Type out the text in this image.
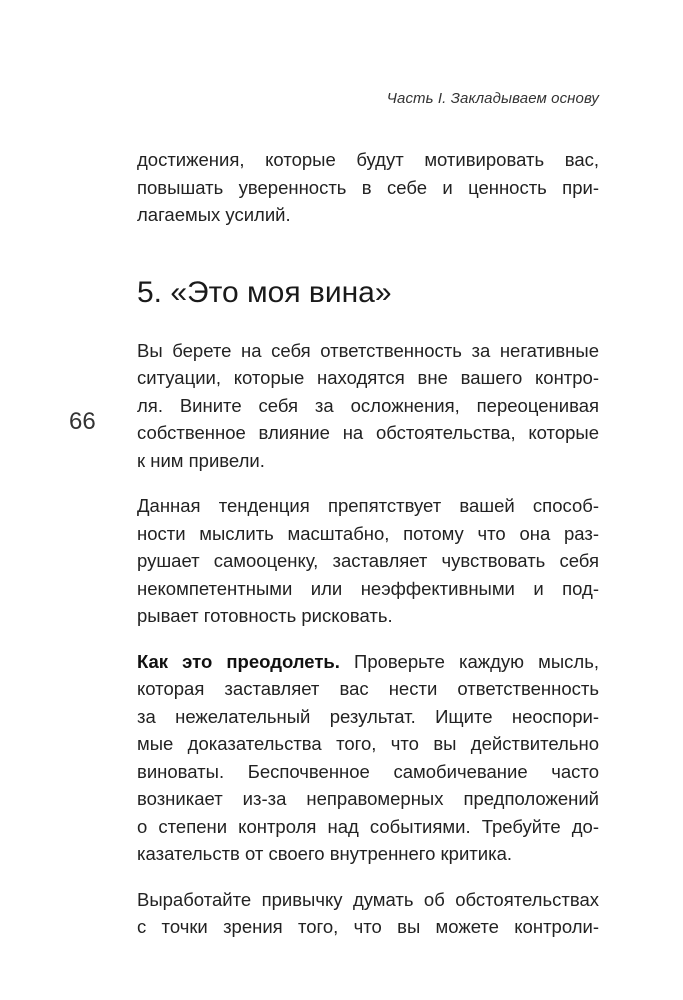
Часть I. Закладываем основу
66

достижения, которые будут мотивировать вас,
повышать уверенность в себе и ценность при-
лагаемых усилий.

5. «Это моя вина»

Вы берете на себя ответственность за негативные
ситуации, которые находятся вне вашего контро-
ля. Вините себя за осложнения, переоценивая
собственное влияние на обстоятельства, которые
к ним привели.

Данная тенденция препятствует вашей способ-
ности мыслить масштабно, потому что она раз-
рушает самооценку, заставляет чувствовать себя
некомпетентными или неэффективными и под-
рывает готовность рисковать.

Как это преодолеть. Проверьте каждую мысль,
которая заставляет вас нести ответственность
за нежелательный результат. Ищите неоспори-
мые доказательства того, что вы действительно
виноваты. Беспочвенное самобичевание часто
возникает из-за неправомерных предположений
о степени контроля над событиями. Требуйте до-
казательств от своего внутреннего критика.

Выработайте привычку думать об обстоятельствах
с точки зрения того, что вы можете контроли-
